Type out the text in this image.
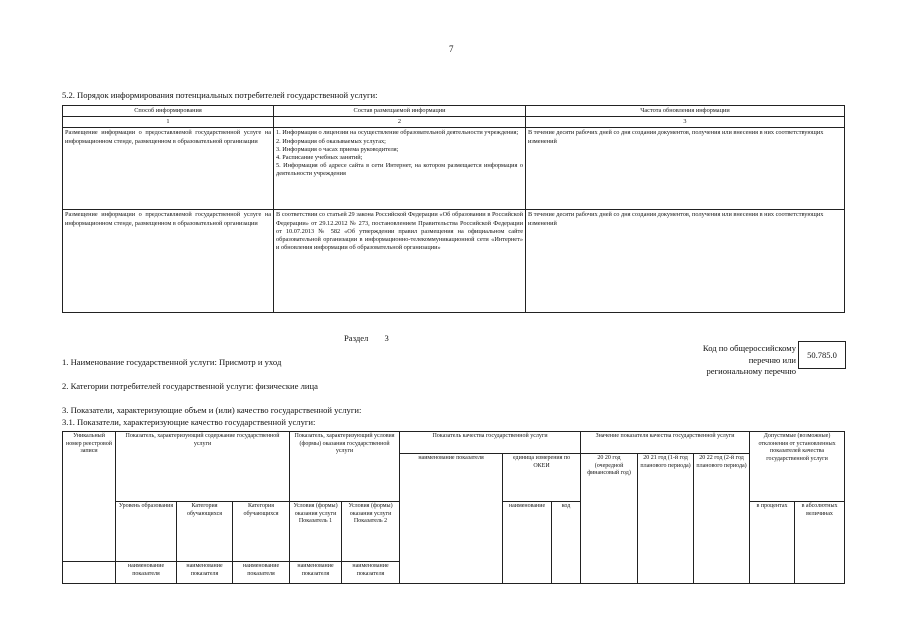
7
5.2. Порядок информирования потенциальных потребителей государственной услуги:
Способ информирования	Состав размещаемой информации	Частота обновления информации
1	2	3
Размещение информации о предоставляемой государственной услуге на информационном стенде, размещенном в образовательной организации	1. Информация о лицензии на осуществление образовательной деятельности учреждения;
2. Информация об оказываемых услугах;
3. Информация о часах приема руководителя;
4. Расписание учебных занятий;
5. Информация об адресе сайта в сети Интернет, на котором размещается информация о деятельности учреждения	В течение десяти рабочих дней со дня создания документов, получения или внесения в них соответствующих изменений
Размещение информации о предоставляемой государственной услуге на информационном стенде, размещенном в образовательной организации	В соответствии со статьей 29 закона Российской Федерации «Об образовании в Российской Федерации» от 29.12.2012 № 273, постановлением Правительства Российской Федерации от 10.07.2013 № 582 «Об утверждении правил размещения на официальном сайте образовательной организации в информационно-телекоммуникационной сети «Интернет» и обновления информации об образовательной организации»	В течение десяти рабочих дней со дня создания документов, получения или внесения в них соответствующих изменений
Раздел 3
Код по общероссийскому
перечню или
региональному перечню
50.785.0
1. Наименование государственной услуги: Присмотр и уход
2. Категории потребителей государственной услуги: физические лица
3. Показатели, характеризующие объем и (или) качество государственной услуги:
3.1. Показатели, характеризующие качество государственной услуги:
Уникальный номер реестровой записи	Показатель, характеризующий содержание государственной услуги			Показатель, характеризующий условия (формы) оказания государственной услуги		Показатель качества государственной услуги			Значение показателя качества государственной услуги			Допустимые (возможные) отклонения от установленных показателей качества государственной услуги	
						наименование показателя	единица измерения по ОКЕИ		20 20 год (очередной финансовый год)	20 21 год (1-й год планового периода)	20 22 год (2-й год планового периода)		
	Уровень образования	Категория обучающихся	Категория обучающихся	Условия (формы) оказания услуги Показатель 1	Условия (формы) оказания услуги Показатель 2		наименование	код				в процентах	в абсолютных величинах
	наименование показателя	наименование показателя	наименование показателя	наименование показателя	наименование показателя								
